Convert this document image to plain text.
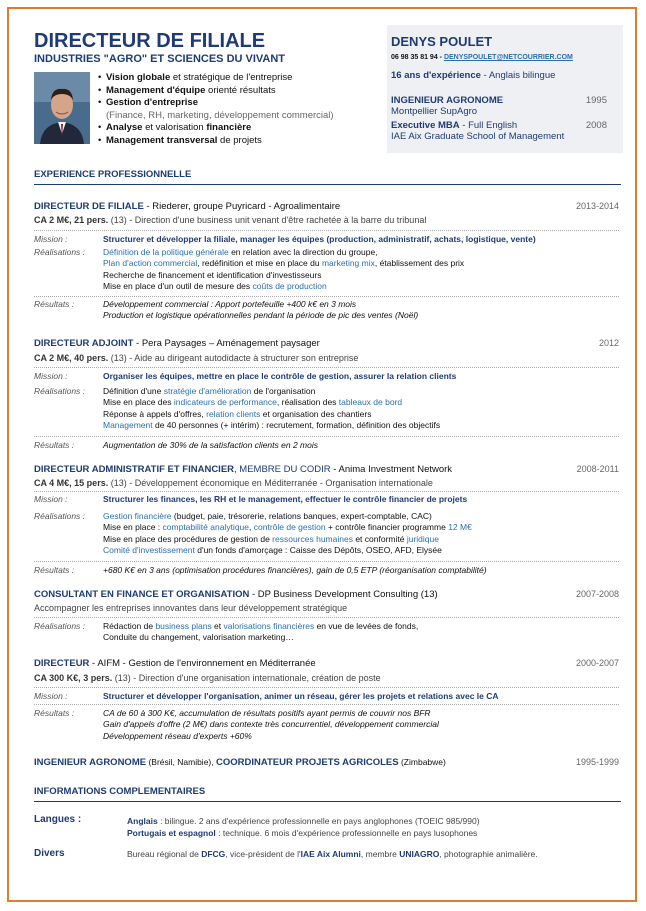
DIRECTEUR DE FILIALE
INDUSTRIES "AGRO" ET SCIENCES DU VIVANT
• Vision globale et stratégique de l'entreprise
• Management d'équipe orienté résultats
• Gestion d'entreprise
(Finance, RH, marketing, développement commercial)
• Analyse et valorisation financière
• Management transversal de projets
DENYS POULET
06 98 35 81 94 - DENYSPOULET@NETCOURRIER.COM
16 ans d'expérience - Anglais bilingue
INGENIEUR AGRONOME	1995
Montpellier SupAgro
Executive MBA - Full English	2008
IAE Aix Graduate School of Management
EXPERIENCE PROFESSIONNELLE
DIRECTEUR DE FILIALE - Riederer, groupe Puyricard - Agroalimentaire	2013-2014
CA 2 M€, 21 pers. (13) - Direction d'une business unit venant d'être rachetée à la barre du tribunal
Mission :	Structurer et développer la filiale, manager les équipes (production, administratif, achats, logistique, vente)
Réalisations : Définition de la politique générale en relation avec la direction du groupe,
Plan d'action commercial, redéfinition et mise en place du marketing mix, établissement des prix
Recherche de financement et identification d'investisseurs
Mise en place d'un outil de mesure des coûts de production
Résultats :	Développement commercial : Apport portefeuille +400 k€ en 3 mois
Production et logistique opérationnelles pendant la période de pic des ventes (Noël)
DIRECTEUR ADJOINT - Pera Paysages – Aménagement paysager	2012
CA 2 M€, 40 pers. (13) - Aide au dirigeant autodidacte à structurer son entreprise
Mission :	Organiser les équipes, mettre en place le contrôle de gestion, assurer la relation clients
Réalisations : Définition d'une stratégie d'amélioration de l'organisation
Mise en place des indicateurs de performance, réalisation des tableaux de bord
Réponse à appels d'offres, relation clients et organisation des chantiers
Management de 40 personnes (+ intérim) : recrutement, formation, définition des objectifs
Résultats :	Augmentation de 30% de la satisfaction clients en 2 mois
DIRECTEUR ADMINISTRATIF ET FINANCIER, MEMBRE DU CODIR - Anima Investment Network	2008-2011
CA 4 M€, 15 pers. (13) - Développement économique en Méditerranée - Organisation internationale
Mission :	Structurer les finances, les RH et le management, effectuer le contrôle financier de projets
Réalisations : Gestion financière (budget, paie, trésorerie, relations banques, expert-comptable, CAC)
Mise en place : comptabilité analytique, contrôle de gestion + contrôle financier programme 12 M€
Mise en place des procédures de gestion de ressources humaines et conformité juridique
Comité d'investissement d'un fonds d'amorçage : Caisse des Dépôts, OSEO, AFD, Elysée
Résultats :	+680 K€ en 3 ans (optimisation procédures financières), gain de 0,5 ETP (réorganisation comptabilité)
CONSULTANT EN FINANCE ET ORGANISATION - DP Business Development Consulting (13)	2007-2008
Accompagner les entreprises innovantes dans leur développement stratégique
Réalisations : Rédaction de business plans et valorisations financières en vue de levées de fonds,
Conduite du changement, valorisation marketing…
DIRECTEUR - AIFM - Gestion de l'environnement en Méditerranée	2000-2007
CA 300 K€, 3 pers. (13) - Direction d'une organisation internationale, création de poste
Mission :	Structurer et développer l'organisation, animer un réseau, gérer les projets et relations avec le CA
Résultats :	CA de 60 à 300 K€, accumulation de résultats positifs ayant permis de couvrir nos BFR
Gain d'appels d'offre (2 M€) dans contexte très concurrentiel, développement commercial
Développement réseau d'experts +60%
INGENIEUR AGRONOME (Brésil, Namibie), COORDINATEUR PROJETS AGRICOLES (Zimbabwe)	1995-1999
INFORMATIONS COMPLEMENTAIRES
Langues :	Anglais : bilingue. 2 ans d'expérience professionnelle en pays anglophones (TOEIC 985/990)
Portugais et espagnol : technique. 6 mois d'expérience professionnelle en pays lusophones
Divers	Bureau régional de DFCG, vice-président de l'IAE Aix Alumni, membre UNIAGRO, photographie animalière.
